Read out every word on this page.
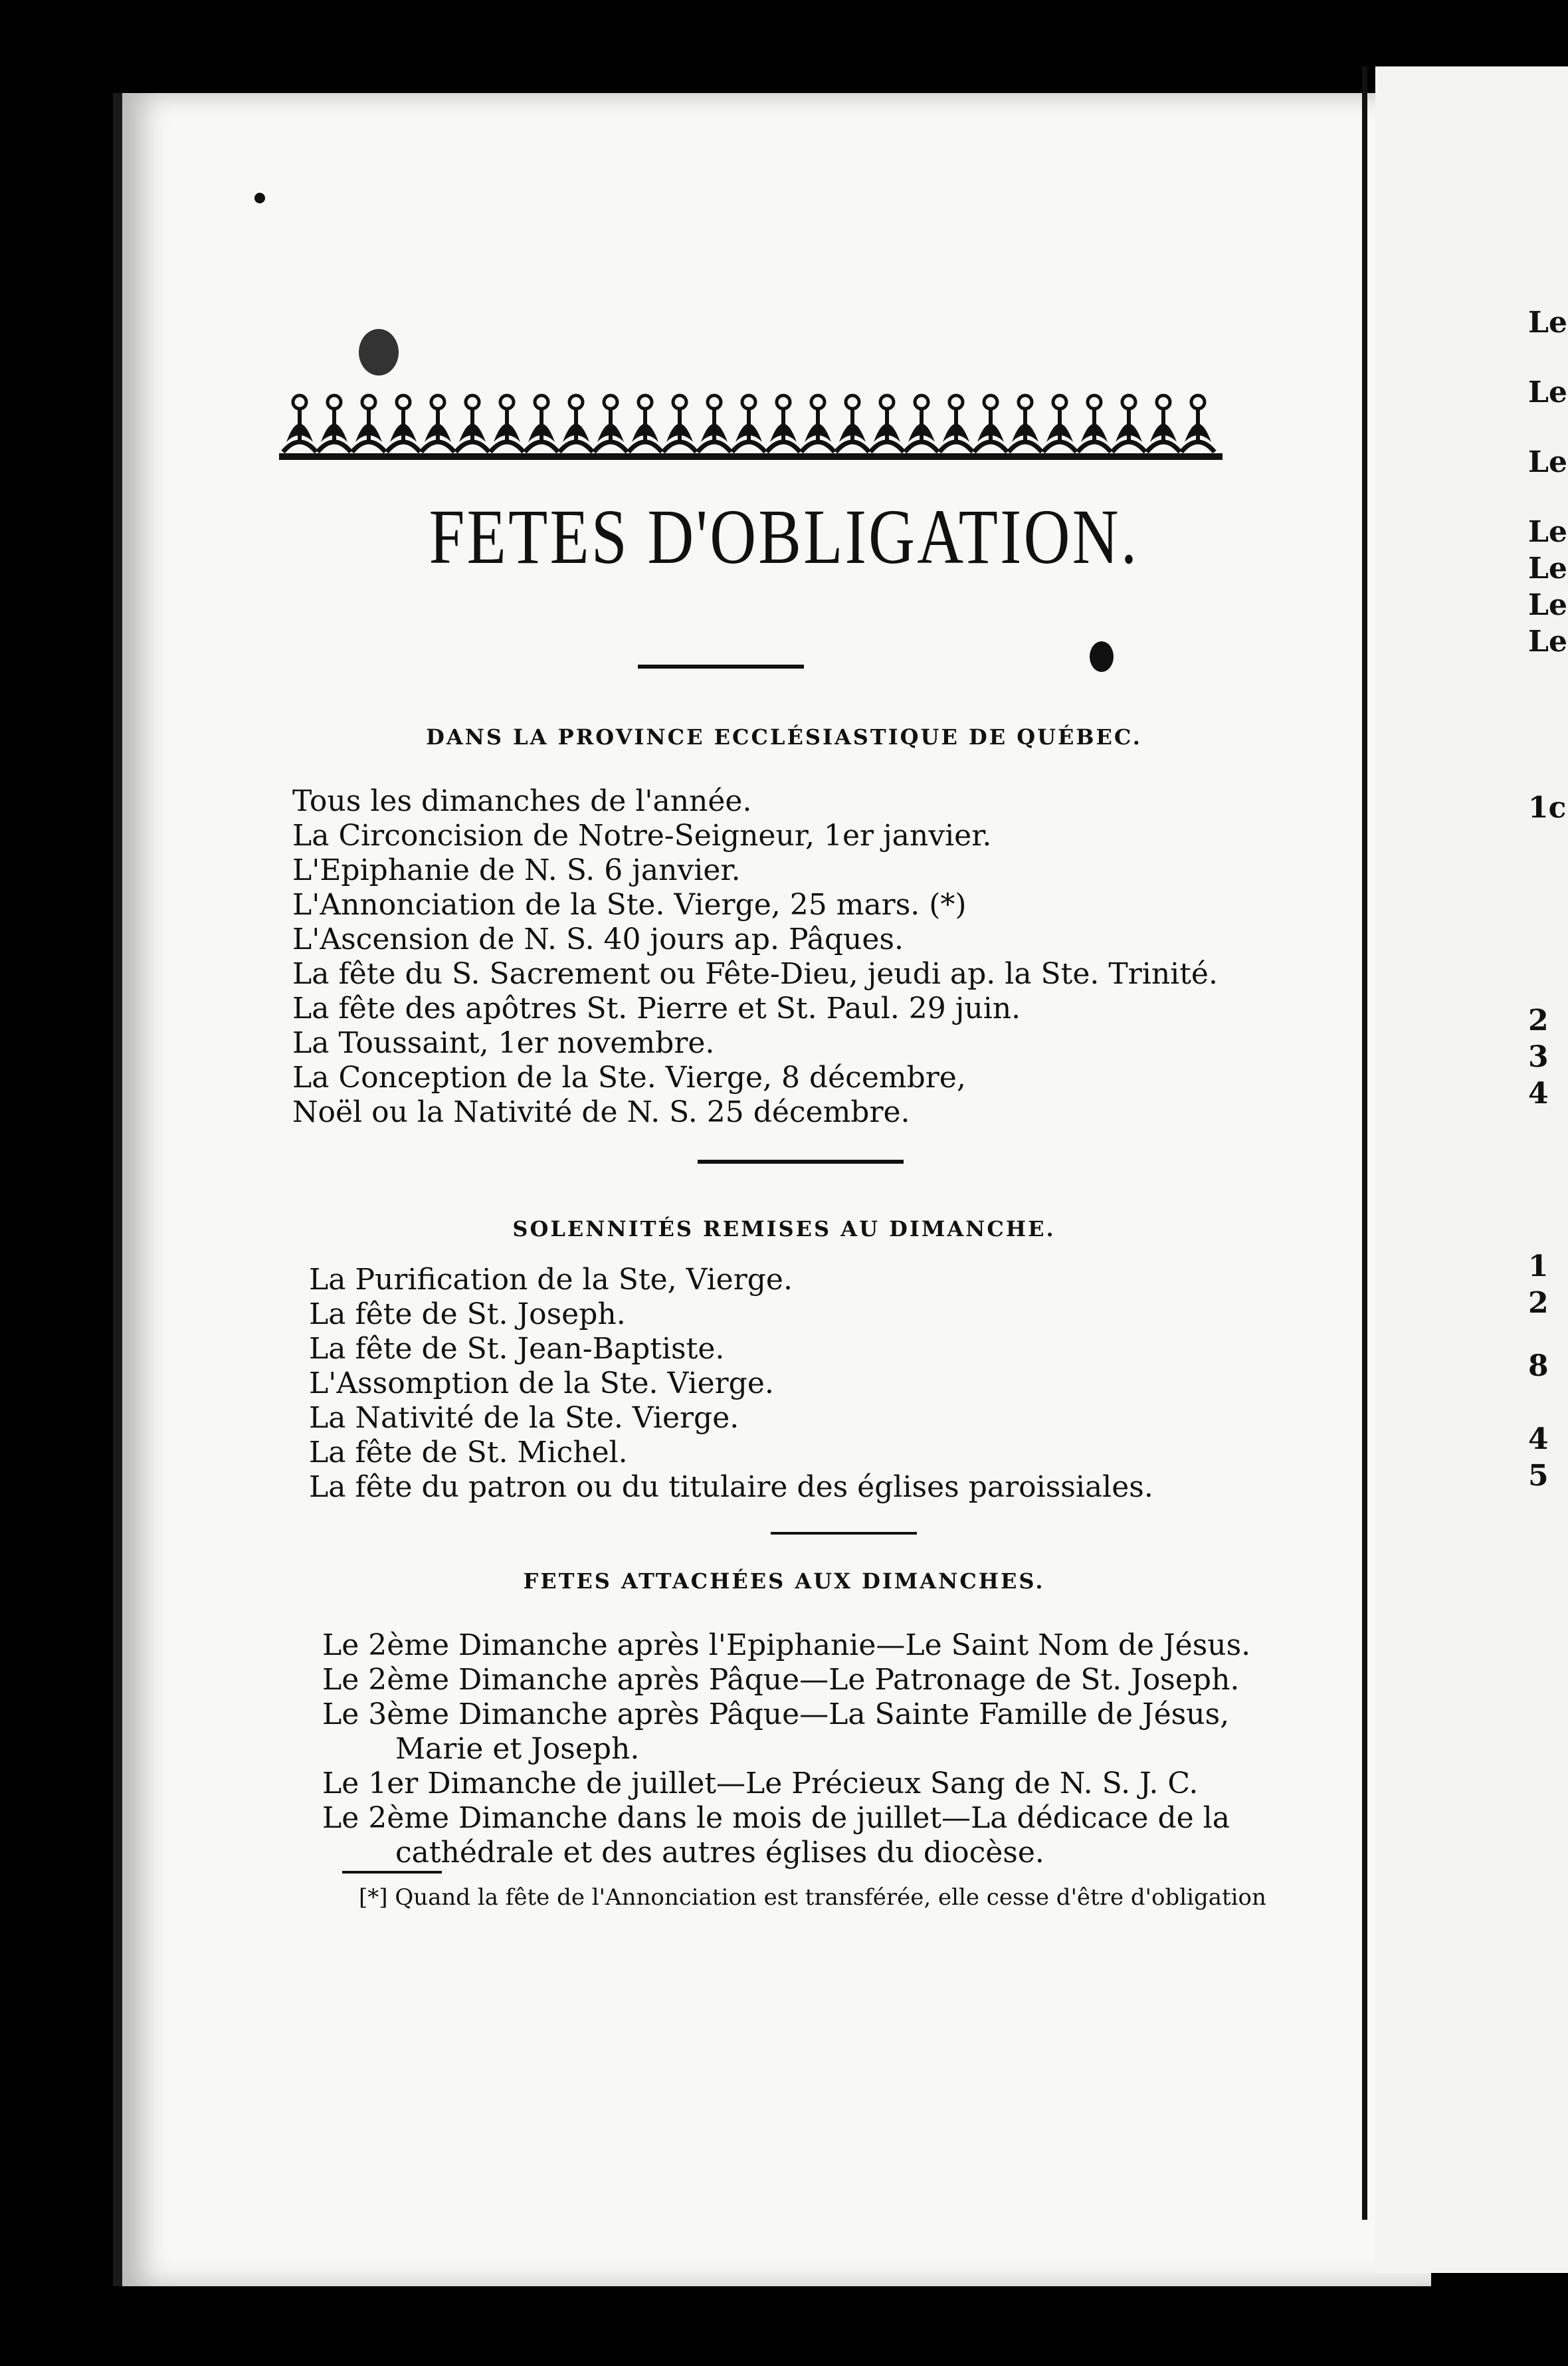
Le
Le
Le
Le
Le
Le
Le
1c
2
3
4
1
2
8
4
5
FETES D'OBLIGATION.
DANS LA PROVINCE ECCLÉSIASTIQUE DE QUÉBEC.
Tous les dimanches de l'année.
La Circoncision de Notre-Seigneur, 1er janvier.
L'Epiphanie de N. S. 6 janvier.
L'Annonciation de la Ste. Vierge, 25 mars. (*)
L'Ascension de N. S. 40 jours ap. Pâques.
La fête du S. Sacrement ou Fête-Dieu, jeudi ap. la Ste. Trinité.
La fête des apôtres St. Pierre et St. Paul. 29 juin.
La Toussaint, 1er novembre.
La Conception de la Ste. Vierge, 8 décembre,
Noël ou la Nativité de N. S. 25 décembre.
SOLENNITÉS REMISES AU DIMANCHE.
La Purification de la Ste, Vierge.
La fête de St. Joseph.
La fête de St. Jean-Baptiste.
L'Assomption de la Ste. Vierge.
La Nativité de la Ste. Vierge.
La fête de St. Michel.
La fête du patron ou du titulaire des églises paroissiales.
FETES ATTACHÉES AUX DIMANCHES.
Le 2ème Dimanche après l'Epiphanie—Le Saint Nom de Jésus.
Le 2ème Dimanche après Pâque—Le Patronage de St. Joseph.
Le 3ème Dimanche après Pâque—La Sainte Famille de Jésus,
Marie et Joseph.
Le 1er Dimanche de juillet—Le Précieux Sang de N. S. J. C.
Le 2ème Dimanche dans le mois de juillet—La dédicace de la
cathédrale et des autres églises du diocèse.
[*] Quand la fête de l'Annonciation est transférée, elle cesse d'être d'obligation
